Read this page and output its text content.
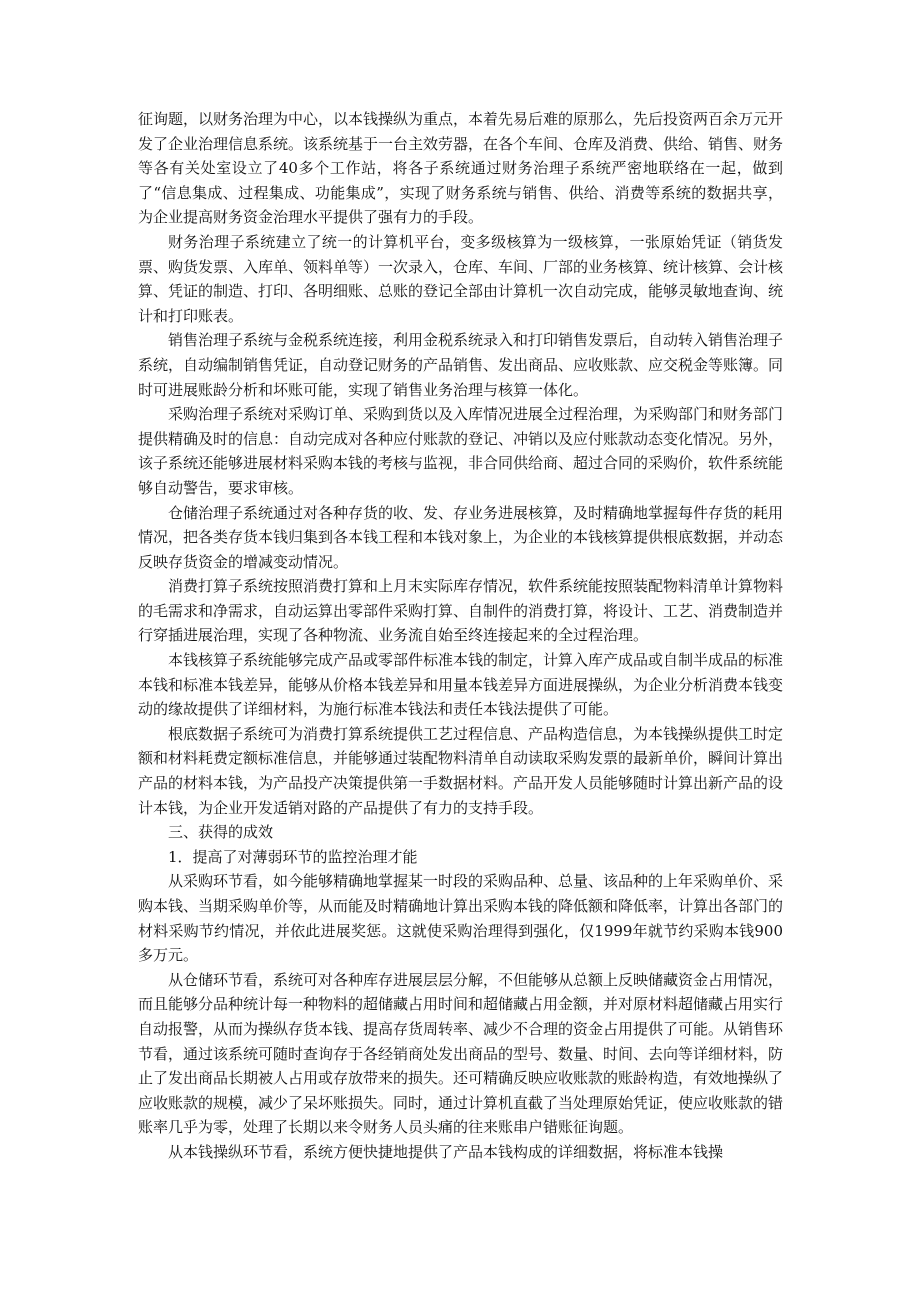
征询题，以财务治理为中心，以本钱操纵为重点，本着先易后难的原那么，先后投资两百余万元开发了企业治理信息系统。该系统基于一台主效劳器，在各个车间、仓库及消费、供给、销售、财务等各有关处室设立了40多个工作站，将各子系统通过财务治理子系统严密地联络在一起，做到了“信息集成、过程集成、功能集成”，实现了财务系统与销售、供给、消费等系统的数据共享，为企业提高财务资金治理水平提供了强有力的手段。

财务治理子系统建立了统一的计算机平台，变多级核算为一级核算，一张原始凭证（销货发票、购货发票、入库单、领料单等）一次录入，仓库、车间、厂部的业务核算、统计核算、会计核算、凭证的制造、打印、各明细账、总账的登记全部由计算机一次自动完成，能够灵敏地查询、统计和打印账表。

销售治理子系统与金税系统连接，利用金税系统录入和打印销售发票后，自动转入销售治理子系统，自动编制销售凭证，自动登记财务的产品销售、发出商品、应收账款、应交税金等账簿。同时可进展账龄分析和坏账可能，实现了销售业务治理与核算一体化。

采购治理子系统对采购订单、采购到货以及入库情况进展全过程治理，为采购部门和财务部门提供精确及时的信息：自动完成对各种应付账款的登记、冲销以及应付账款动态变化情况。另外，该子系统还能够进展材料采购本钱的考核与监视，非合同供给商、超过合同的采购价，软件系统能够自动警告，要求审核。

仓储治理子系统通过对各种存货的收、发、存业务进展核算，及时精确地掌握每件存货的耗用情况，把各类存货本钱归集到各本钱工程和本钱对象上，为企业的本钱核算提供根底数据，并动态反映存货资金的增减变动情况。

消费打算子系统按照消费打算和上月末实际库存情况，软件系统能按照装配物料清单计算物料的毛需求和净需求，自动运算出零部件采购打算、自制件的消费打算，将设计、工艺、消费制造并行穿插进展治理，实现了各种物流、业务流自始至终连接起来的全过程治理。

本钱核算子系统能够完成产品或零部件标准本钱的制定，计算入库产成品或自制半成品的标准本钱和标准本钱差异，能够从价格本钱差异和用量本钱差异方面进展操纵，为企业分析消费本钱变动的缘故提供了详细材料，为施行标准本钱法和责任本钱法提供了可能。

根底数据子系统可为消费打算系统提供工艺过程信息、产品构造信息，为本钱操纵提供工时定额和材料耗费定额标准信息，并能够通过装配物料清单自动读取采购发票的最新单价，瞬间计算出产品的材料本钱，为产品投产决策提供第一手数据材料。产品开发人员能够随时计算出新产品的设计本钱，为企业开发适销对路的产品提供了有力的支持手段。

三、获得的成效

1．提高了对薄弱环节的监控治理才能

从采购环节看，如今能够精确地掌握某一时段的采购品种、总量、该品种的上年采购单价、采购本钱、当期采购单价等，从而能及时精确地计算出采购本钱的降低额和降低率，计算出各部门的材料采购节约情况，并依此进展奖惩。这就使采购治理得到强化，仅1999年就节约采购本钱900多万元。

从仓储环节看，系统可对各种库存进展层层分解，不但能够从总额上反映储藏资金占用情况，而且能够分品种统计每一种物料的超储藏占用时间和超储藏占用金额，并对原材料超储藏占用实行自动报警，从而为操纵存货本钱、提高存货周转率、减少不合理的资金占用提供了可能。从销售环节看，通过该系统可随时查询存于各经销商处发出商品的型号、数量、时间、去向等详细材料，防止了发出商品长期被人占用或存放带来的损失。还可精确反映应收账款的账龄构造，有效地操纵了应收账款的规模，减少了呆坏账损失。同时，通过计算机直截了当处理原始凭证，使应收账款的错账率几乎为零，处理了长期以来令财务人员头痛的往来账串户错账征询题。

从本钱操纵环节看，系统方便快捷地提供了产品本钱构成的详细数据，将标准本钱操
